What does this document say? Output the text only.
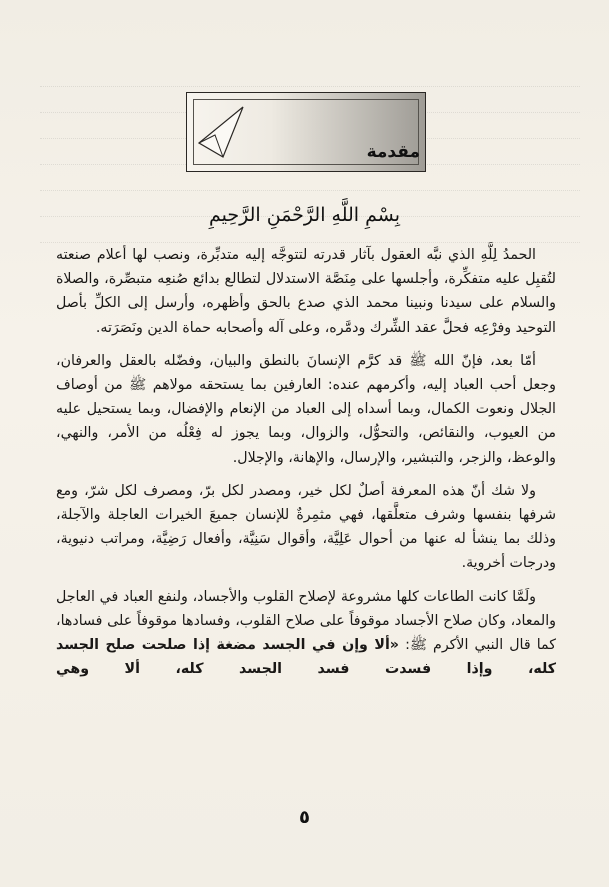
مقدمة
بِسْمِ اللَّهِ الرَّحْمَنِ الرَّحِيمِ

الحمدُ لِلَّهِ الذي نبَّه العقول بآثار قدرته لتتوجَّه إليه متدبِّرة، ونصب لها أعلام صنعته لتُقبِل عليه متفكِّرة، وأجلسها على مِنَصَّة الاستدلال لتطالع بدائع صُنعِه متبصِّرة، والصلاة والسلام على سيدنا ونبينا محمد الذي صدع بالحق وأظهره، وأرسل إلى الكلِّ بأصل التوحيد وفرْعِه فحلَّ عقد الشِّرك ودمَّره، وعلى آله وأصحابه حماة الدين ونَصَرَته.

أمّا بعد، فإنّ الله ﷺ قد كرَّم الإنسانَ بالنطق والبيان، وفضّله بالعقل والعرفان، وجعل أحب العباد إليه، وأكرمهم عنده: العارفين بما يستحقه مولاهم ﷺ من أوصاف الجلال ونعوت الكمال، وبما أسداه إلى العباد من الإنعام والإفضال، وبما يستحيل عليه من العيوب، والنقائص، والتحوُّل، والزوال، وبما يجوز له فِعْلُه من الأمر، والنهي، والوعظ، والزجر، والتبشير، والإرسال، والإهانة، والإجلال.

ولا شك أنّ هذه المعرفة أصلٌ لكل خير، ومصدر لكل برّ، ومصرف لكل شرّ، ومع شرفها بنفسها وشرف متعلَّقها، فهي مثمِرةٌ للإنسان جميعَ الخيرات العاجلة والآجلة، وذلك بما ينشأ له عنها من أحوال عَلِيَّة، وأقوال سَنِيَّة، وأفعال رَضِيَّة، ومراتب دنيوية، ودرجات أخروية.

ولَمَّا كانت الطاعات كلها مشروعة لإصلاح القلوب والأجساد، ولنفع العباد في العاجل والمعاد، وكان صلاح الأجساد موقوفاً على صلاح القلوب، وفسادها موقوفاً على فسادها، كما قال النبي الأكرم ﷺ: «ألا وإن في الجسد مضغة إذا صلحت صلح الجسد كله، وإذا فسدت فسد الجسد كله، ألا وهي

٥
